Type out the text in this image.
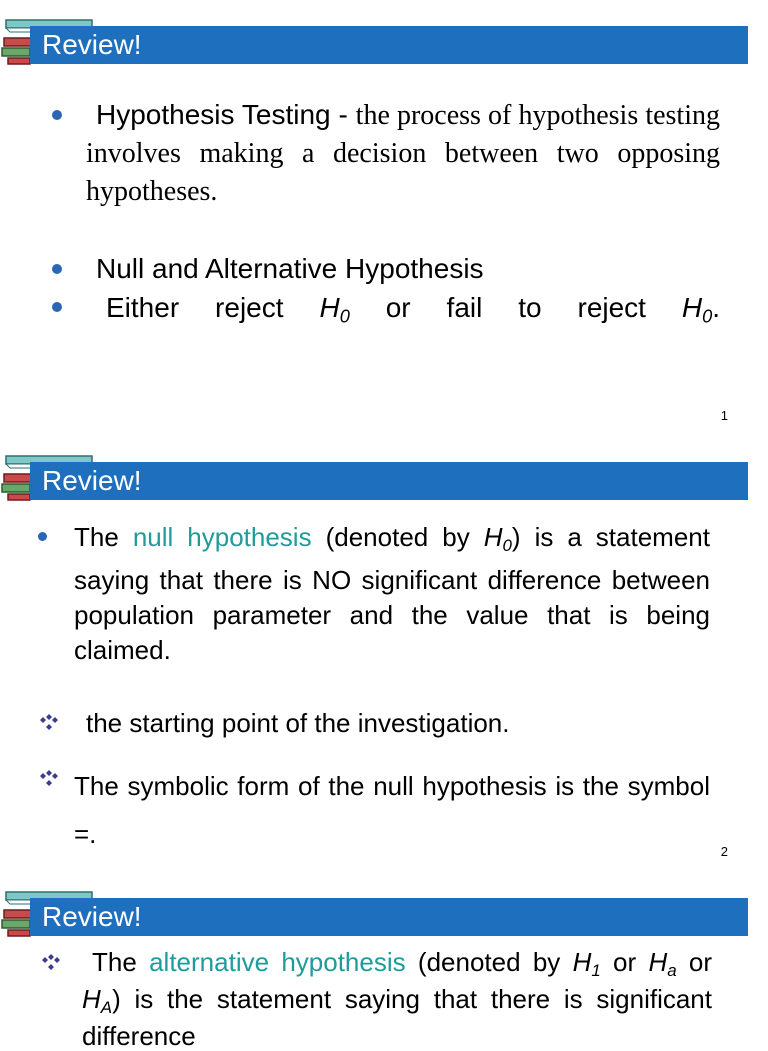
Review!
Hypothesis Testing - the process of hypothesis testing involves making a decision between two opposing hypotheses.
Null and Alternative Hypothesis
Either reject $H_0$ or fail to reject $H_0$.
1
Review!
The null hypothesis (denoted by $H_0$) is a statement saying that there is NO significant difference between population parameter and the value that is being claimed.
the starting point of the investigation.
The symbolic form of the null hypothesis is the symbol =.
2
Review!
The alternative hypothesis (denoted by $H_1$ or $H_a$ or $H_A$) is the statement saying that there is significant difference
